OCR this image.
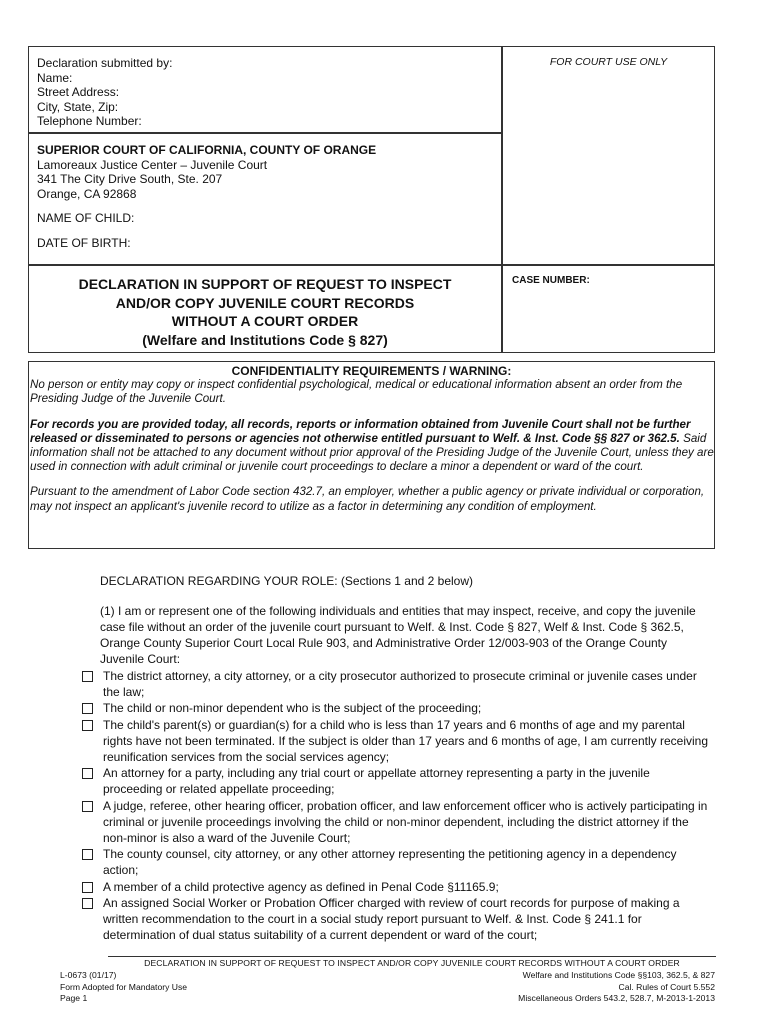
Declaration submitted by:
Name:
Street Address:
City, State, Zip:
Telephone Number:
FOR COURT USE ONLY
SUPERIOR COURT OF CALIFORNIA, COUNTY OF ORANGE
Lamoreaux Justice Center – Juvenile Court
341 The City Drive South, Ste. 207
Orange, CA 92868
NAME OF CHILD:
DATE OF BIRTH:
DECLARATION IN SUPPORT OF REQUEST TO INSPECT
AND/OR COPY JUVENILE COURT RECORDS
WITHOUT A COURT ORDER
(Welfare and Institutions Code § 827)
CASE NUMBER:
CONFIDENTIALITY REQUIREMENTS / WARNING:

No person or entity may copy or inspect confidential psychological, medical or educational information absent an order from the Presiding Judge of the Juvenile Court.

For records you are provided today, all records, reports or information obtained from Juvenile Court shall not be further released or disseminated to persons or agencies not otherwise entitled pursuant to Welf. & Inst. Code §§ 827 or 362.5. Said information shall not be attached to any document without prior approval of the Presiding Judge of the Juvenile Court, unless they are used in connection with adult criminal or juvenile court proceedings to declare a minor a dependent or ward of the court.

Pursuant to the amendment of Labor Code section 432.7, an employer, whether a public agency or private individual or corporation, may not inspect an applicant's juvenile record to utilize as a factor in determining any condition of employment.

DECLARATION REGARDING YOUR ROLE: (Sections 1 and 2 below)
(1) I am or represent one of the following individuals and entities that may inspect, receive, and copy the juvenile case file without an order of the juvenile court pursuant to Welf. & Inst. Code § 827, Welf & Inst. Code § 362.5, Orange County Superior Court Local Rule 903, and Administrative Order 12/003-903 of the Orange County Juvenile Court:
The district attorney, a city attorney, or a city prosecutor authorized to prosecute criminal or juvenile cases under the law;
The child or non-minor dependent who is the subject of the proceeding;
The child's parent(s) or guardian(s) for a child who is less than 17 years and 6 months of age and my parental rights have not been terminated. If the subject is older than 17 years and 6 months of age, I am currently receiving reunification services from the social services agency;
An attorney for a party, including any trial court or appellate attorney representing a party in the juvenile proceeding or related appellate proceeding;
A judge, referee, other hearing officer, probation officer, and law enforcement officer who is actively participating in criminal or juvenile proceedings involving the child or non-minor dependent, including the district attorney if the non-minor is also a ward of the Juvenile Court;
The county counsel, city attorney, or any other attorney representing the petitioning agency in a dependency action;
A member of a child protective agency as defined in Penal Code §11165.9;
An assigned Social Worker or Probation Officer charged with review of court records for purpose of making a written recommendation to the court in a social study report pursuant to Welf. & Inst. Code § 241.1 for determination of dual status suitability of a current dependent or ward of the court;
DECLARATION IN SUPPORT OF REQUEST TO INSPECT AND/OR COPY JUVENILE COURT RECORDS WITHOUT A COURT ORDER
L-0673 (01/17)
Form Adopted for Mandatory Use
Page 1
Welfare and Institutions Code §§103, 362.5, & 827
Cal. Rules of Court 5.552
Miscellaneous Orders 543.2, 528.7, M-2013-1-2013
